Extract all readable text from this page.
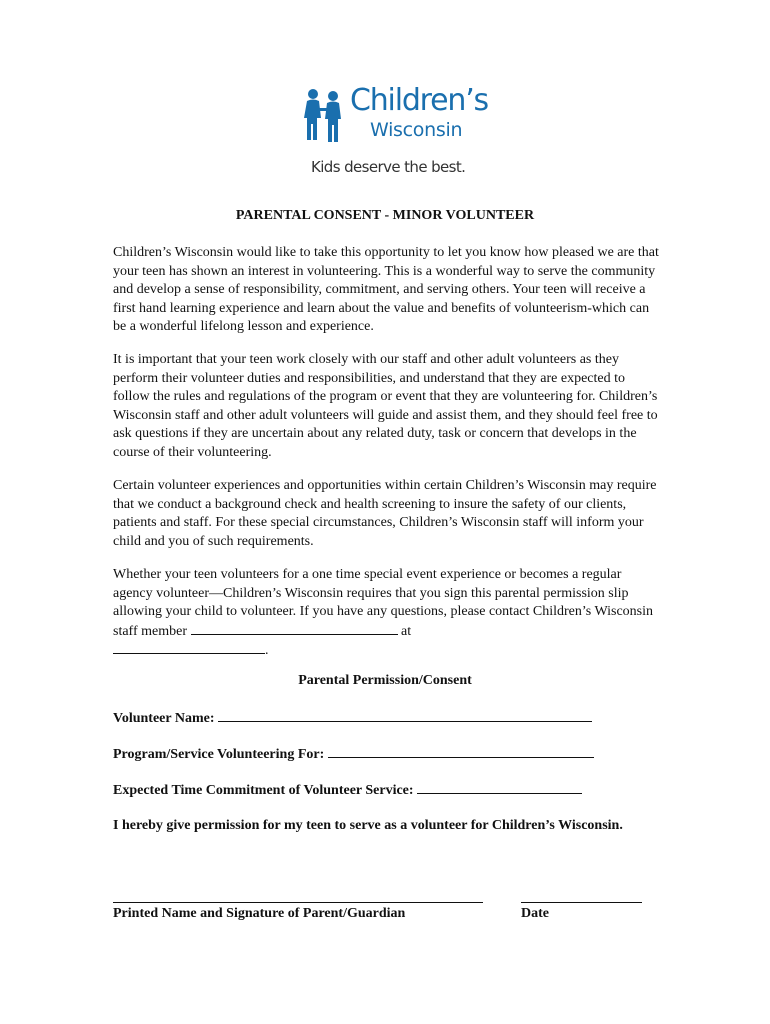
Children’s
Wisconsin
Kids deserve the best.
PARENTAL CONSENT - MINOR VOLUNTEER

Children’s Wisconsin would like to take this opportunity to let you know how pleased we are that your teen has shown an interest in volunteering. This is a wonderful way to serve the community and develop a sense of responsibility, commitment, and serving others. Your teen will receive a first hand learning experience and learn about the value and benefits of volunteerism-which can be a wonderful lifelong lesson and experience.

It is important that your teen work closely with our staff and other adult volunteers as they perform their volunteer duties and responsibilities, and understand that they are expected to follow the rules and regulations of the program or event that they are volunteering for. Children’s Wisconsin staff and other adult volunteers will guide and assist them, and they should feel free to ask questions if they are uncertain about any related duty, task or concern that develops in the course of their volunteering.

Certain volunteer experiences and opportunities within certain Children’s Wisconsin may require that we conduct a background check and health screening to insure the safety of our clients, patients and staff. For these special circumstances, Children’s Wisconsin staff will inform your child and you of such requirements.

Whether your teen volunteers for a one time special event experience or becomes a regular agency volunteer—Children’s Wisconsin requires that you sign this parental permission slip allowing your child to volunteer. If you have any questions, please contact Children’s Wisconsin staff member	at
.

Parental Permission/Consent

Volunteer Name:

Program/Service Volunteering For:

Expected Time Commitment of Volunteer Service:

I hereby give permission for my teen to serve as a volunteer for Children’s Wisconsin.

Printed Name and Signature of Parent/Guardian	Date
